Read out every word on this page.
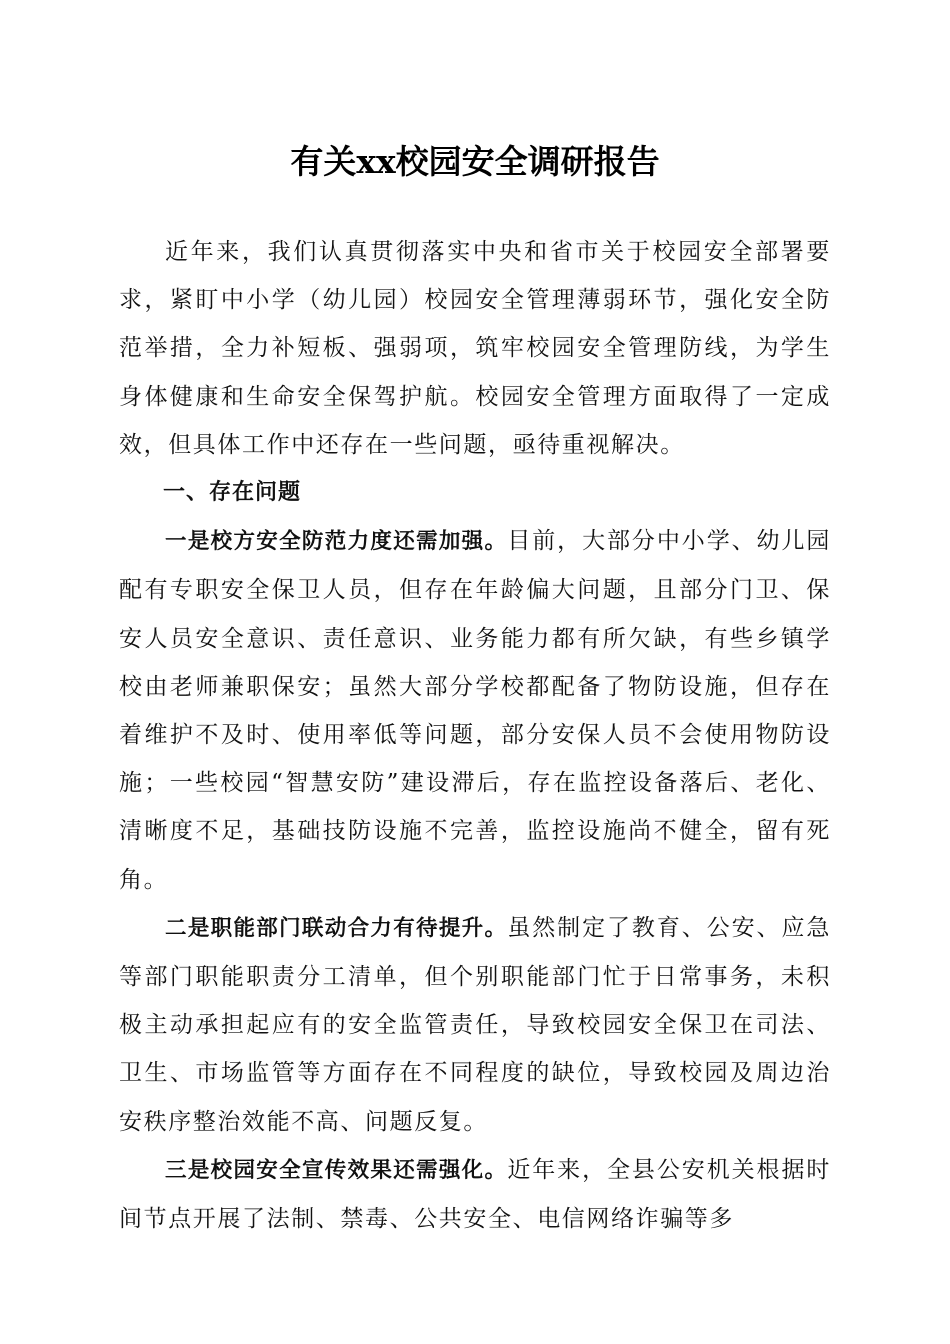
有关xx校园安全调研报告

近年来，我们认真贯彻落实中央和省市关于校园安全部署要求，紧盯中小学（幼儿园）校园安全管理薄弱环节，强化安全防范举措，全力补短板、强弱项，筑牢校园安全管理防线，为学生身体健康和生命安全保驾护航。校园安全管理方面取得了一定成效，但具体工作中还存在一些问题，亟待重视解决。

一、存在问题

一是校方安全防范力度还需加强。目前，大部分中小学、幼儿园配有专职安全保卫人员，但存在年龄偏大问题，且部分门卫、保安人员安全意识、责任意识、业务能力都有所欠缺，有些乡镇学校由老师兼职保安；虽然大部分学校都配备了物防设施，但存在着维护不及时、使用率低等问题，部分安保人员不会使用物防设施；一些校园“智慧安防”建设滞后，存在监控设备落后、老化、清晰度不足，基础技防设施不完善，监控设施尚不健全，留有死角。

二是职能部门联动合力有待提升。虽然制定了教育、公安、应急等部门职能职责分工清单，但个别职能部门忙于日常事务，未积极主动承担起应有的安全监管责任，导致校园安全保卫在司法、卫生、市场监管等方面存在不同程度的缺位，导致校园及周边治安秩序整治效能不高、问题反复。

三是校园安全宣传效果还需强化。近年来，全县公安机关根据时间节点开展了法制、禁毒、公共安全、电信网络诈骗等多
